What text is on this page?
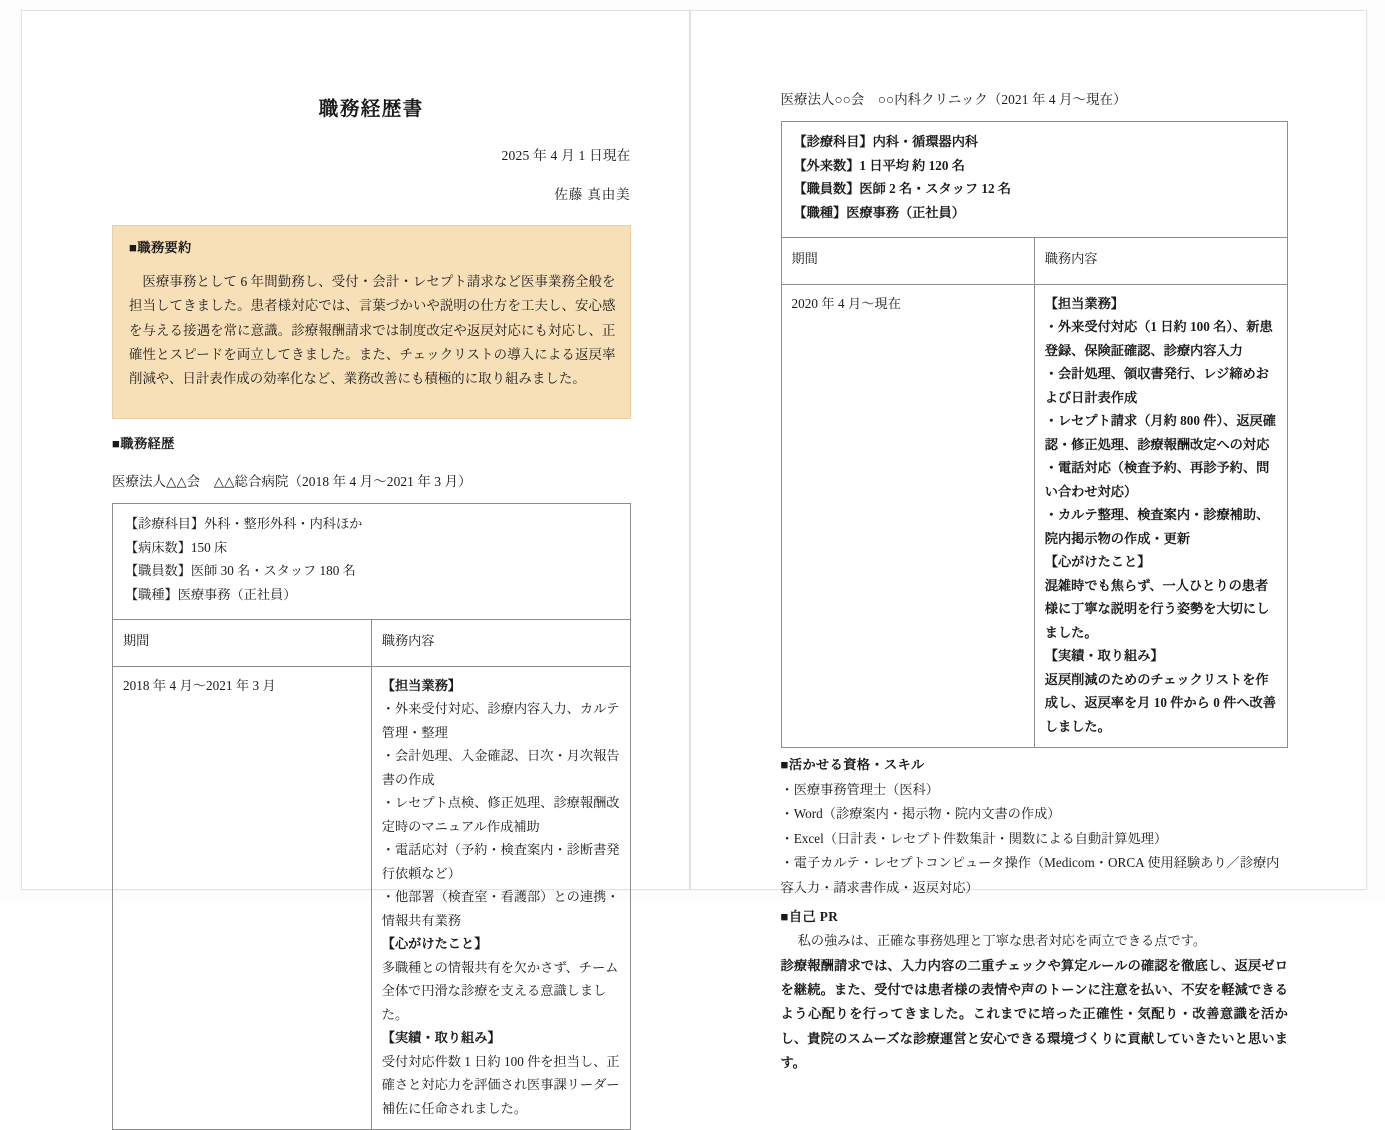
職務経歴書
2025 年 4 月 1 日現在
佐藤 真由美
■職務要約

医療事務として 6 年間勤務し、受付・会計・レセプト請求など医事業務全般を担当してきました。患者様対応では、言葉づかいや説明の仕方を工夫し、安心感を与える接遇を常に意識。診療報酬請求では制度改定や返戻対応にも対応し、正確性とスピードを両立してきました。また、チェックリストの導入による返戻率削減や、日計表作成の効率化など、業務改善にも積極的に取り組みました。

■職務経歴
医療法人△△会　△△総合病院（2018 年 4 月～2021 年 3 月）
【診療科目】外科・整形外科・内科ほか
【病床数】150 床
【職員数】医師 30 名・スタッフ 180 名
【職種】医療事務（正社員）	

期間	職務内容
2018 年 4 月～2021 年 3 月	【担当業務】

・外来受付対応、診療内容入力、カルテ管理・整理

・会計処理、入金確認、日次・月次報告書の作成

・レセプト点検、修正処理、診療報酬改定時のマニュアル作成補助

・電話応対（予約・検査案内・診断書発行依頼など）

・他部署（検査室・看護部）との連携・情報共有業務

【心がけたこと】

多職種との情報共有を欠かさず、チーム全体で円滑な診療を支える意識しました。

【実績・取り組み】

受付対応件数 1 日約 100 件を担当し、正確さと対応力を評価され医事課リーダー補佐に任命されました。

医療法人○○会　○○内科クリニック（2021 年 4 月～現在）
【診療科目】内科・循環器内科
【外来数】1 日平均 約 120 名
【職員数】医師 2 名・スタッフ 12 名
【職種】医療事務（正社員）	

期間	職務内容
2020 年 4 月～現在	【担当業務】

・外来受付対応（1 日約 100 名）、新患登録、保険証確認、診療内容入力

・会計処理、領収書発行、レジ締めおよび日計表作成

・レセプト請求（月約 800 件）、返戻確認・修正処理、診療報酬改定への対応

・電話対応（検査予約、再診予約、問い合わせ対応）

・カルテ整理、検査案内・診療補助、院内掲示物の作成・更新

【心がけたこと】

混雑時でも焦らず、一人ひとりの患者様に丁寧な説明を行う姿勢を大切にしました。

【実績・取り組み】

返戻削減のためのチェックリストを作成し、返戻率を月 10 件から 0 件へ改善しました。

■活かせる資格・スキル
・医療事務管理士（医科）
・Word（診療案内・掲示物・院内文書の作成）
・Excel（日計表・レセプト件数集計・関数による自動計算処理）
・電子カルテ・レセプトコンピュータ操作（Medicom・ORCA 使用経験あり／診療内容入力・請求書作成・返戻対応）
■自己 PR

私の強みは、正確な事務処理と丁寧な患者対応を両立できる点です。
診療報酬請求では、入力内容の二重チェックや算定ルールの確認を徹底し、返戻ゼロを継続。また、受付では患者様の表情や声のトーンに注意を払い、不安を軽減できるよう心配りを行ってきました。これまでに培った正確性・気配り・改善意識を活かし、貴院のスムーズな診療運営と安心できる環境づくりに貢献していきたいと思います。
